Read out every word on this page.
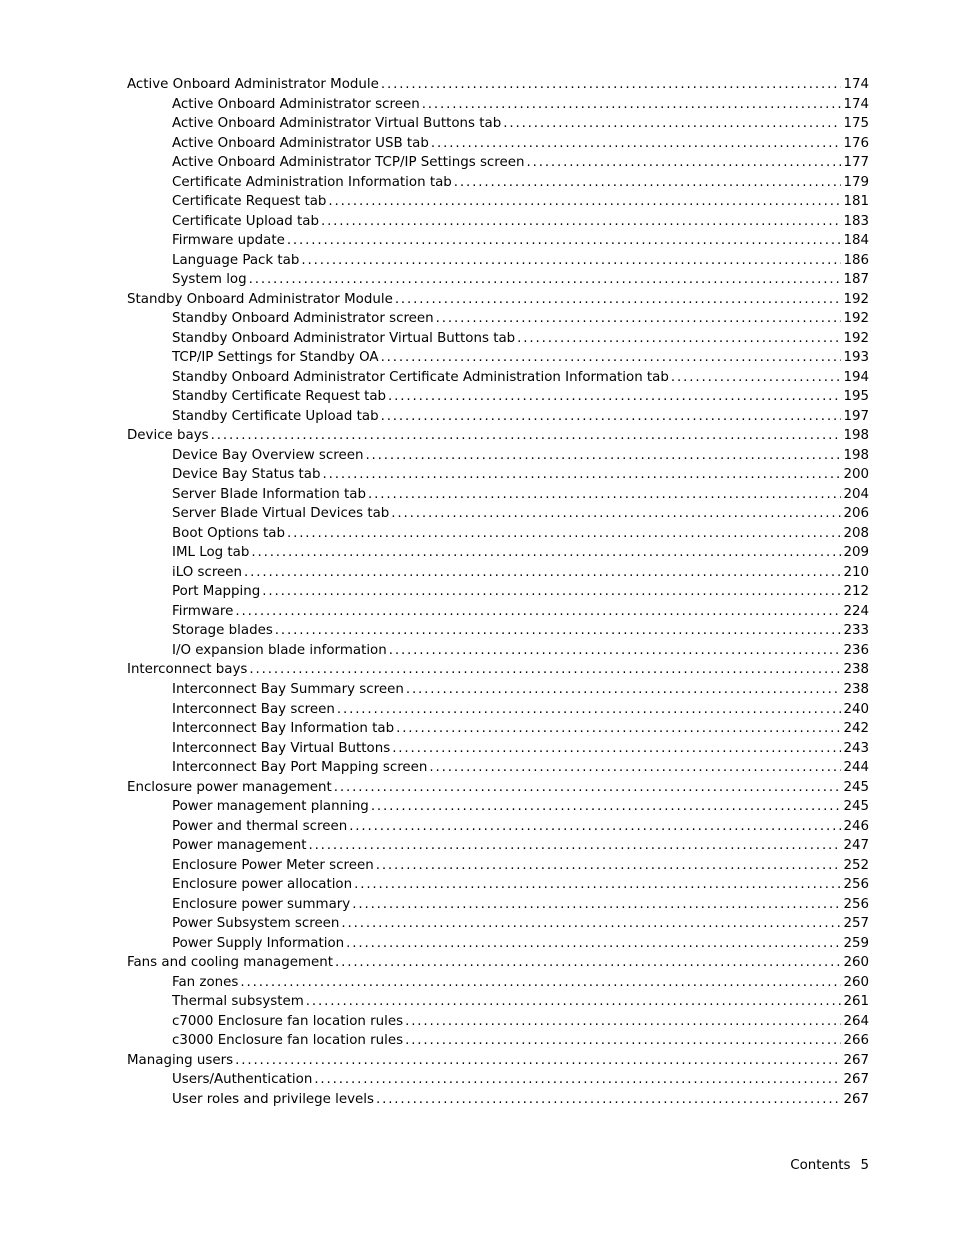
Active Onboard Administrator Module . . .	174
Active Onboard Administrator screen . . .	174
Active Onboard Administrator Virtual Buttons tab . . .	175
Active Onboard Administrator USB tab . . .	176
Active Onboard Administrator TCP/IP Settings screen . . .	177
Certificate Administration Information tab . . .	179
Certificate Request tab . . .	181
Certificate Upload tab . . .	183
Firmware update . . .	184
Language Pack tab . . .	186
System log . . .	187
Standby Onboard Administrator Module . . .	192
Standby Onboard Administrator screen . . .	192
Standby Onboard Administrator Virtual Buttons tab . . .	192
TCP/IP Settings for Standby OA . . .	193
Standby Onboard Administrator Certificate Administration Information tab . . .	194
Standby Certificate Request tab . . .	195
Standby Certificate Upload tab . . .	197
Device bays . . .	198
Device Bay Overview screen . . .	198
Device Bay Status tab . . .	200
Server Blade Information tab . . .	204
Server Blade Virtual Devices tab . . .	206
Boot Options tab . . .	208
IML Log tab . . .	209
iLO screen . . .	210
Port Mapping . . .	212
Firmware . . .	224
Storage blades . . .	233
I/O expansion blade information . . .	236
Interconnect bays . . .	238
Interconnect Bay Summary screen . . .	238
Interconnect Bay screen . . .	240
Interconnect Bay Information tab . . .	242
Interconnect Bay Virtual Buttons . . .	243
Interconnect Bay Port Mapping screen . . .	244
Enclosure power management . . .	245
Power management planning . . .	245
Power and thermal screen . . .	246
Power management . . .	247
Enclosure Power Meter screen . . .	252
Enclosure power allocation . . .	256
Enclosure power summary . . .	256
Power Subsystem screen . . .	257
Power Supply Information . . .	259
Fans and cooling management . . .	260
Fan zones . . .	260
Thermal subsystem . . .	261
c7000 Enclosure fan location rules . . .	264
c3000 Enclosure fan location rules . . .	266
Managing users . . .	267
Users/Authentication . . .	267
User roles and privilege levels . . .	267
Contents 5
